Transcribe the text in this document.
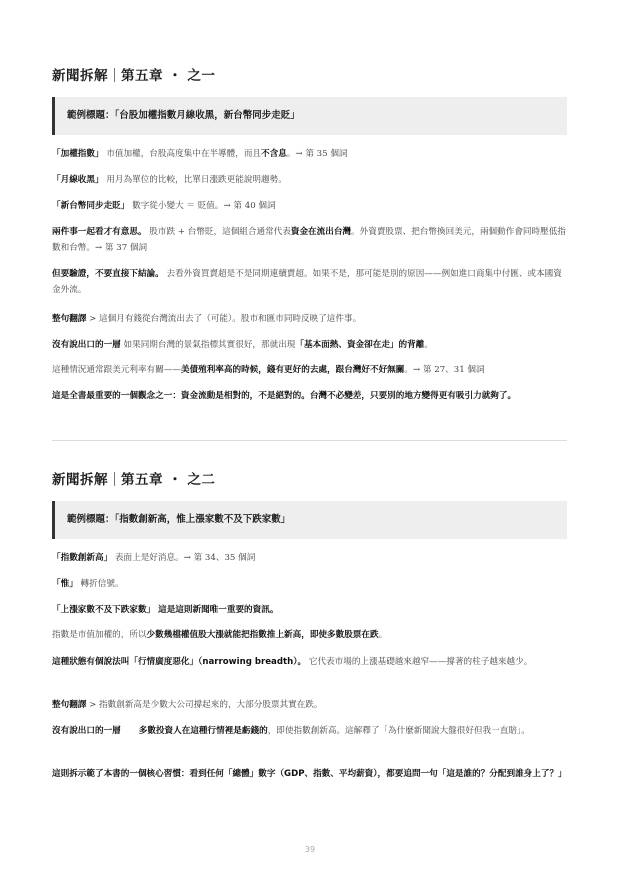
新聞拆解 第五章 ・ 之一
範例標題：「台股加權指數月線收黑，新台幣同步走貶」
「加權指數」 市值加權，台股高度集中在半導體，而且不含息。→ 第 35 個詞
「月線收黑」 用月為單位的比較，比單日漲跌更能說明趨勢。
「新台幣同步走貶」 數字從小變大 ＝ 貶值。→ 第 40 個詞
兩件事一起看才有意思。 股市跌 + 台幣貶，這個組合通常代表資金在流出台灣。外資賣股票、把台幣換回美元，兩個動作會同時壓低指數和台幣。→ 第 37 個詞
但要驗證，不要直接下結論。 去看外資買賣超是不是同期連續賣超。如果不是，那可能是別的原因——例如進口商集中付匯、或本國資金外流。
整句翻譯 > 這個月有錢從台灣流出去了（可能）。股市和匯市同時反映了這件事。
沒有說出口的一層 如果同期台灣的景氣指標其實很好，那就出現「基本面熱、資金卻在走」的背離。
這種情況通常跟美元利率有關——美債殖利率高的時候，錢有更好的去處，跟台灣好不好無關。→ 第 27、31 個詞
這是全書最重要的一個觀念之一：資金流動是相對的，不是絕對的。台灣不必變差，只要別的地方變得更有吸引力就夠了。
新聞拆解 第五章 ・ 之二
範例標題：「指數創新高，惟上漲家數不及下跌家數」
「指數創新高」 表面上是好消息。→ 第 34、35 個詞
「惟」 轉折信號。
「上漲家數不及下跌家數」 這是這則新聞唯一重要的資訊。
指數是市值加權的，所以少數幾檔權值股大漲就能把指數推上新高，即使多數股票在跌。
這種狀態有個說法叫「行情廣度惡化」（narrowing breadth）。 它代表市場的上漲基礎越來越窄——撐著的柱子越來越少。
整句翻譯 > 指數創新高是少數大公司撐起來的，大部分股票其實在跌。
沒有說出口的一層 多數投資人在這種行情裡是虧錢的，即使指數創新高。這解釋了「為什麼新聞說大盤很好但我一直賠」。
這則拆示範了本書的一個核心習慣：看到任何「總體」數字（GDP、指數、平均薪資），都要追問一句「這是誰的？分配到誰身上了？」
39
